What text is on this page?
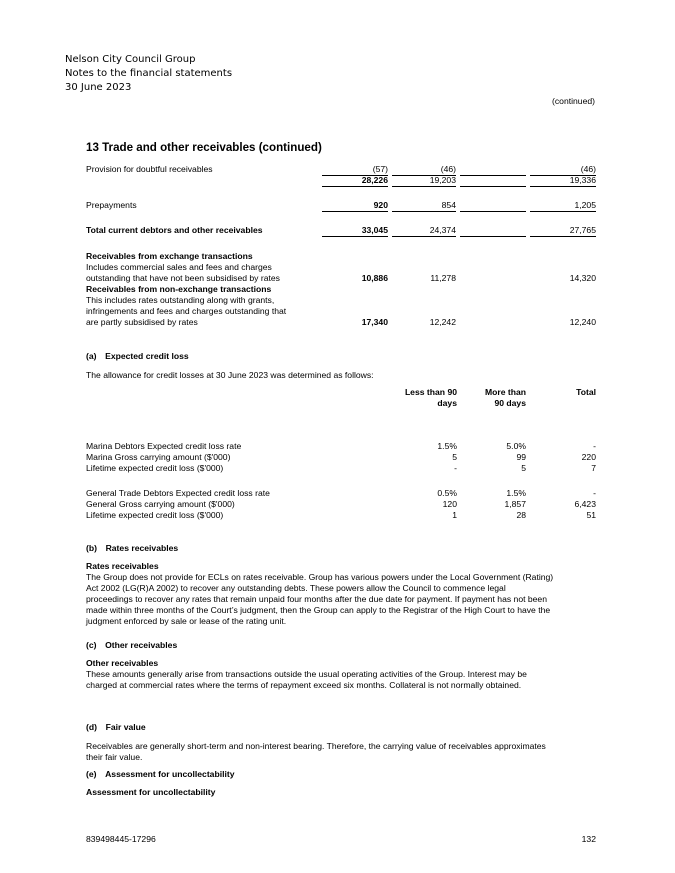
Nelson City Council Group
Notes to the financial statements
30 June 2023
(continued)
13 Trade and other receivables (continued)
Provision for doubtful receivables	(57)	(46)	(46)
28,226	19,203	19,336
Prepayments	920	854	1,205
Total current debtors and other receivables	33,045	24,374	27,765
Receivables from exchange transactions
Includes commercial sales and fees and charges
outstanding that have not been subsidised by rates	10,886	11,278	14,320
Receivables from non-exchange transactions
This includes rates outstanding along with grants,
infringements and fees and charges outstanding that
are partly subsidised by rates	17,340	12,242	12,240
(a) Expected credit loss
The allowance for credit losses at 30 June 2023 was determined as follows:
Less than 90
days
More than
90 days
Total
Marina Debtors Expected credit loss rate	1.5%	5.0%	-
Marina Gross carrying amount ($'000)	5	99	220
Lifetime expected credit loss ($'000)	-	5	7
General Trade Debtors Expected credit loss rate	0.5%	1.5%	-
General Gross carrying amount ($'000)	120	1,857	6,423
Lifetime expected credit loss ($'000)	1	28	51
(b) Rates receivables
Rates receivables
The Group does not provide for ECLs on rates receivable. Group has various powers under the Local Government (Rating)
Act 2002 (LG(R)A 2002) to recover any outstanding debts. These powers allow the Council to commence legal
proceedings to recover any rates that remain unpaid four months after the due date for payment. If payment has not been
made within three months of the Court’s judgment, then the Group can apply to the Registrar of the High Court to have the
judgment enforced by sale or lease of the rating unit.
(c) Other receivables
Other receivables
These amounts generally arise from transactions outside the usual operating activities of the Group. Interest may be
charged at commercial rates where the terms of repayment exceed six months. Collateral is not normally obtained.
(d) Fair value
Receivables are generally short-term and non-interest bearing. Therefore, the carrying value of receivables approximates
their fair value.
(e) Assessment for uncollectability
Assessment for uncollectability
839498445-17296	132
